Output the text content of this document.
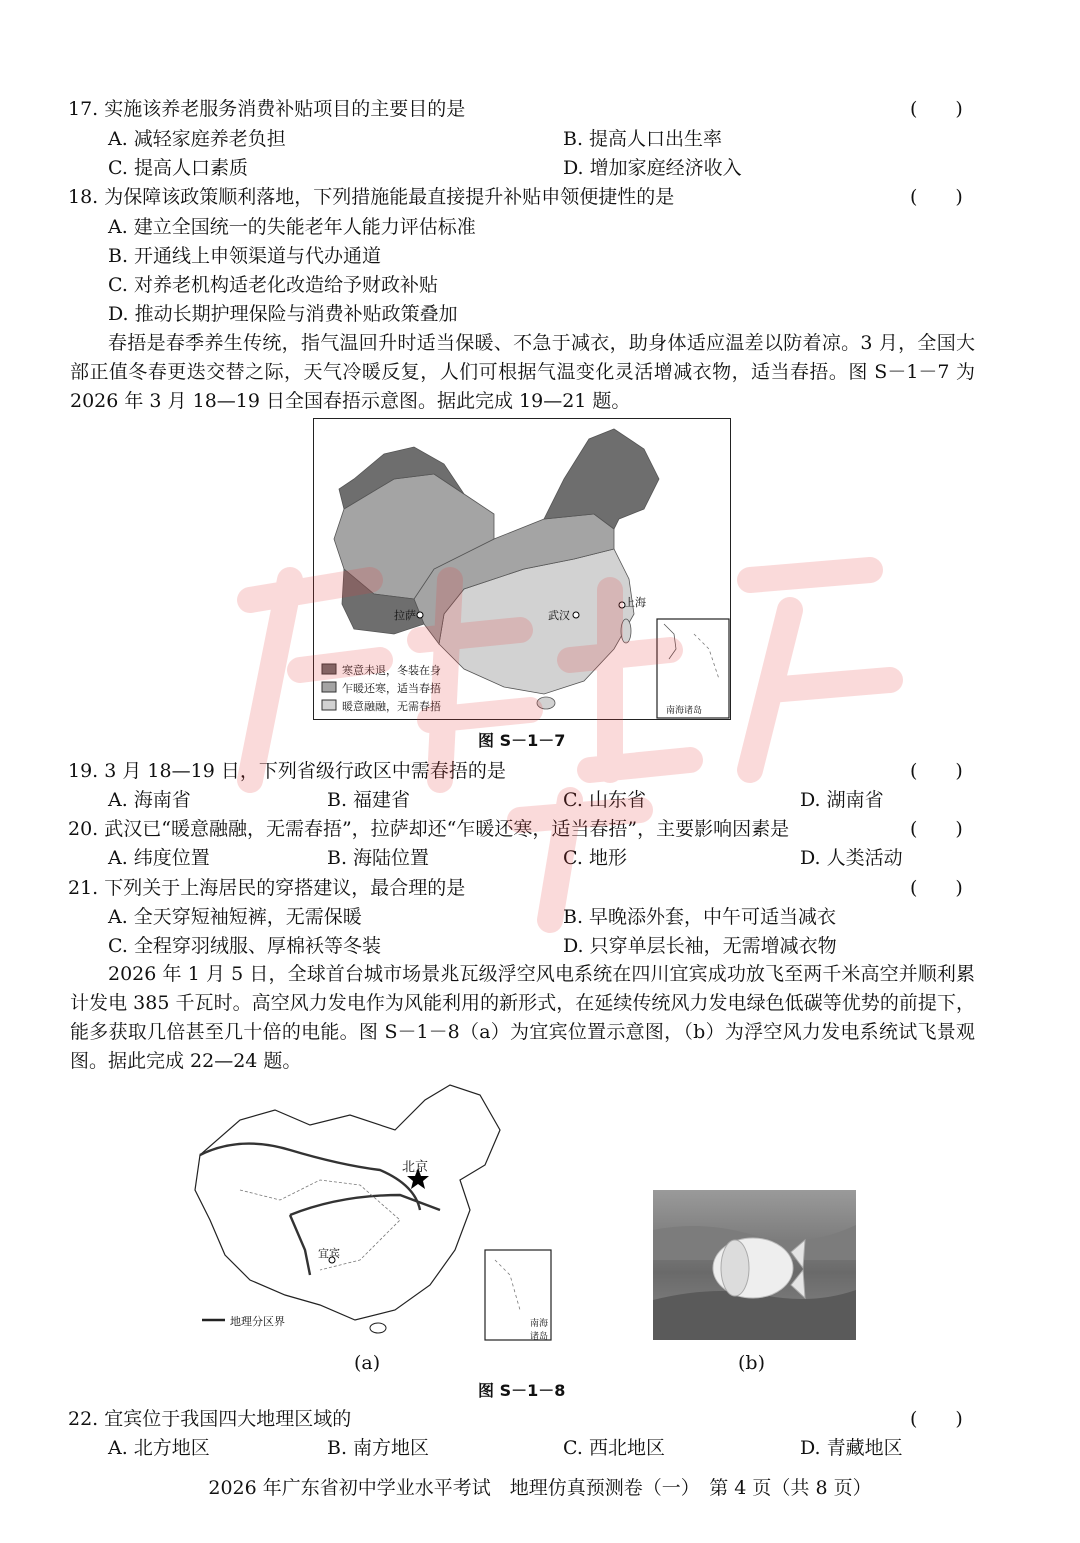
17. 实施该养老服务消费补贴项目的主要目的是	(　　)
A. 减轻家庭养老负担	B. 提高人口出生率
C. 提高人口素质	D. 增加家庭经济收入
18. 为保障该政策顺利落地，下列措施能最直接提升补贴申领便捷性的是	(　　)
A. 建立全国统一的失能老年人能力评估标准
B. 开通线上申领渠道与代办通道
C. 对养老机构适老化改造给予财政补贴
D. 推动长期护理保险与消费补贴政策叠加
春捂是春季养生传统，指气温回升时适当保暖、不急于减衣，助身体适应温差以防着凉。3 月，全国大部正值冬春更迭交替之际，天气冷暖反复，人们可根据气温变化灵活增减衣物，适当春捂。图 S－1－7 为 2026 年 3 月 18—19 日全国春捂示意图。据此完成 19—21 题。
拉萨	武汉
上海
寒意未退，冬装在身
乍暖还寒，适当春捂
暖意融融，无需春捂	南海诸岛
图 S－1－7
19. 3 月 18—19 日，下列省级行政区中需春捂的是	(　　)
A. 海南省	B. 福建省	C. 山东省	D. 湖南省
20. 武汉已“暖意融融，无需春捂”，拉萨却还“乍暖还寒，适当春捂”，主要影响因素是	(　　)
A. 纬度位置	B. 海陆位置	C. 地形	D. 人类活动
21. 下列关于上海居民的穿搭建议，最合理的是	(　　)
A. 全天穿短袖短裤，无需保暖	B. 早晚添外套，中午可适当减衣
C. 全程穿羽绒服、厚棉袄等冬装	D. 只穿单层长袖，无需增减衣物
2026 年 1 月 5 日，全球首台城市场景兆瓦级浮空风电系统在四川宜宾成功放飞至两千米高空并顺利累计发电 385 千瓦时。高空风力发电作为风能利用的新形式，在延续传统风力发电绿色低碳等优势的前提下，能多获取几倍甚至几十倍的电能。图 S－1－8（a）为宜宾位置示意图，（b）为浮空风力发电系统试飞景观图。据此完成 22—24 题。
北京
宜宾
地理分区界	南海诸岛
(a)	(b)
图 S－1－8
22. 宜宾位于我国四大地理区域的	(　　)
A. 北方地区	B. 南方地区	C. 西北地区	D. 青藏地区
2026 年广东省初中学业水平考试　地理仿真预测卷（一）　第 4 页（共 8 页）
